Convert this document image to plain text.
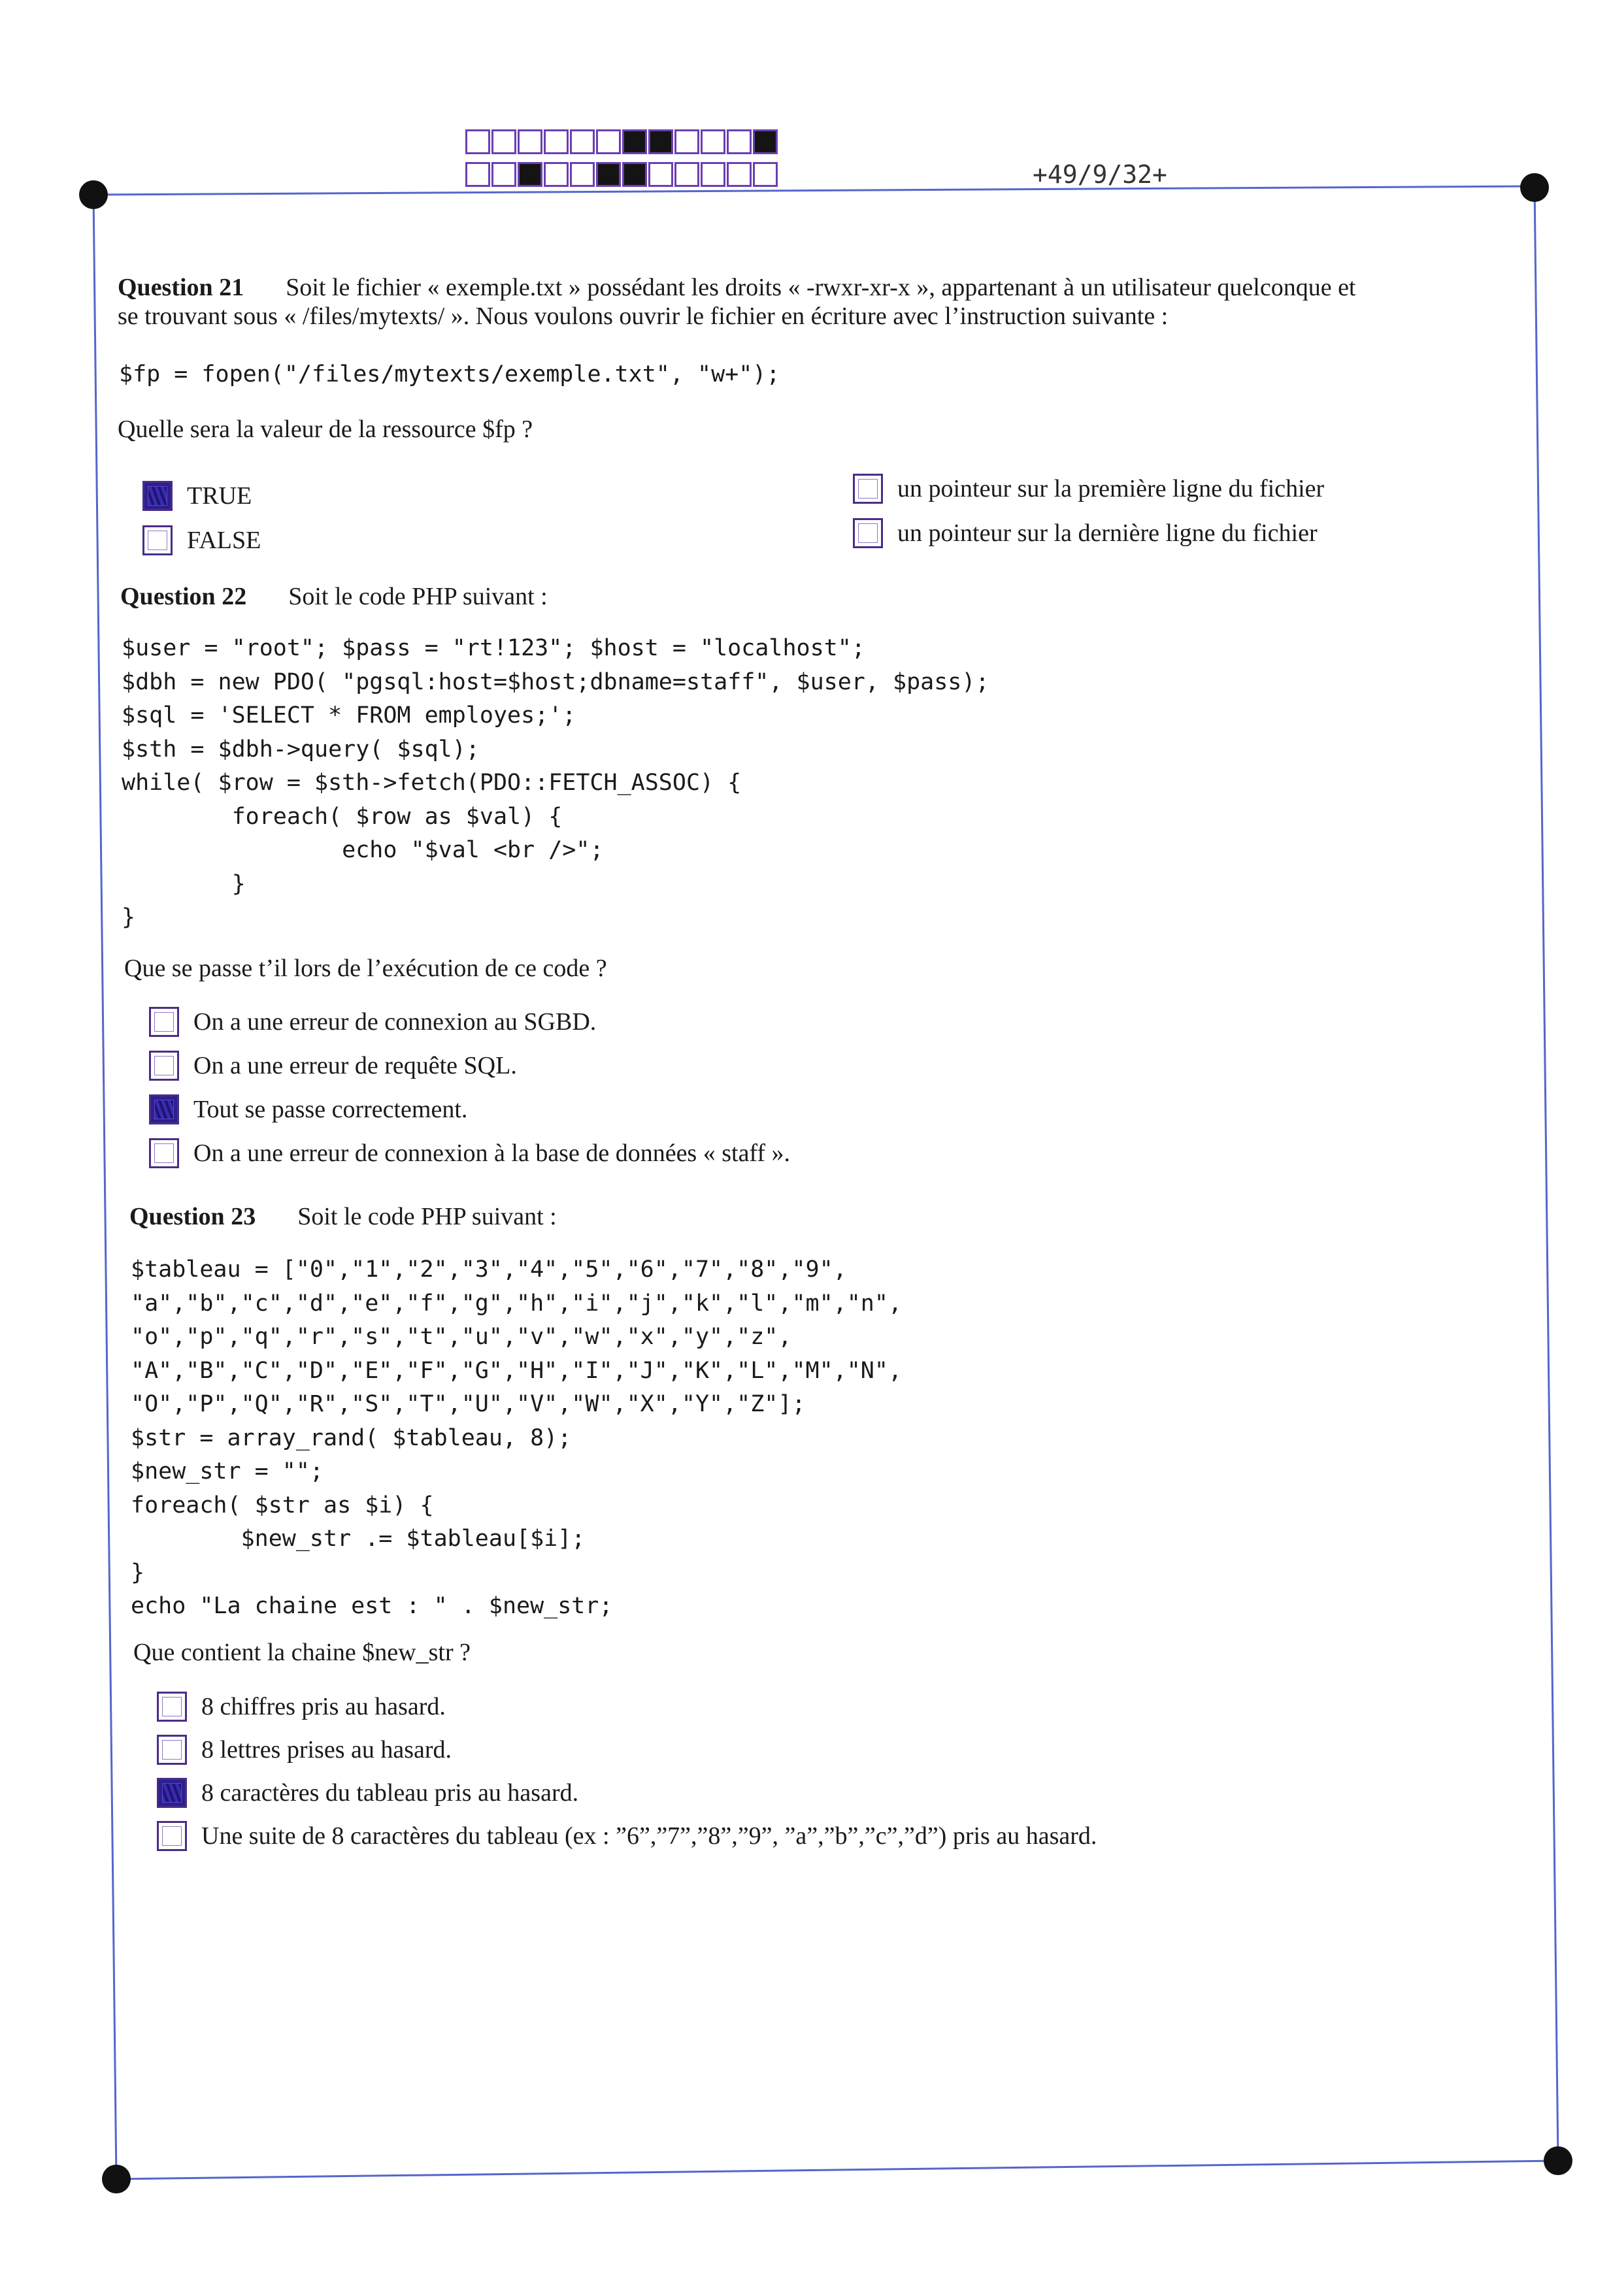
+49/9/32+
Question 21 Soit le fichier « exemple.txt » possédant les droits « -rwxr-xr-x », appartenant à un utilisateur quelconque et
se trouvant sous « /files/mytexts/ ». Nous voulons ouvrir le fichier en écriture avec l’instruction suivante :
$fp = fopen("/files/mytexts/exemple.txt", "w+");
Quelle sera la valeur de la ressource $fp ?
TRUE
FALSE
un pointeur sur la première ligne du fichier
un pointeur sur la dernière ligne du fichier
Question 22 Soit le code PHP suivant :
$user = "root"; $pass = "rt!123"; $host = "localhost";
$dbh = new PDO( "pgsql:host=$host;dbname=staff", $user, $pass);
$sql = 'SELECT * FROM employes;';
$sth = $dbh->query( $sql);
while( $row = $sth->fetch(PDO::FETCH_ASSOC) {
foreach( $row as $val) {
echo "$val <br />";
}
}
Que se passe t’il lors de l’exécution de ce code ?
On a une erreur de connexion au SGBD.
On a une erreur de requête SQL.
Tout se passe correctement.
On a une erreur de connexion à la base de données « staff ».
Question 23 Soit le code PHP suivant :
$tableau = ["0","1","2","3","4","5","6","7","8","9",
"a","b","c","d","e","f","g","h","i","j","k","l","m","n",
"o","p","q","r","s","t","u","v","w","x","y","z",
"A","B","C","D","E","F","G","H","I","J","K","L","M","N",
"O","P","Q","R","S","T","U","V","W","X","Y","Z"];
$str = array_rand( $tableau, 8);
$new_str = "";
foreach( $str as $i) {
$new_str .= $tableau[$i];
}
echo "La chaine est : " . $new_str;
Que contient la chaine $new_str ?
8 chiffres pris au hasard.
8 lettres prises au hasard.
8 caractères du tableau pris au hasard.
Une suite de 8 caractères du tableau (ex : ”6”,”7”,”8”,”9”, ”a”,”b”,”c”,”d”) pris au hasard.
